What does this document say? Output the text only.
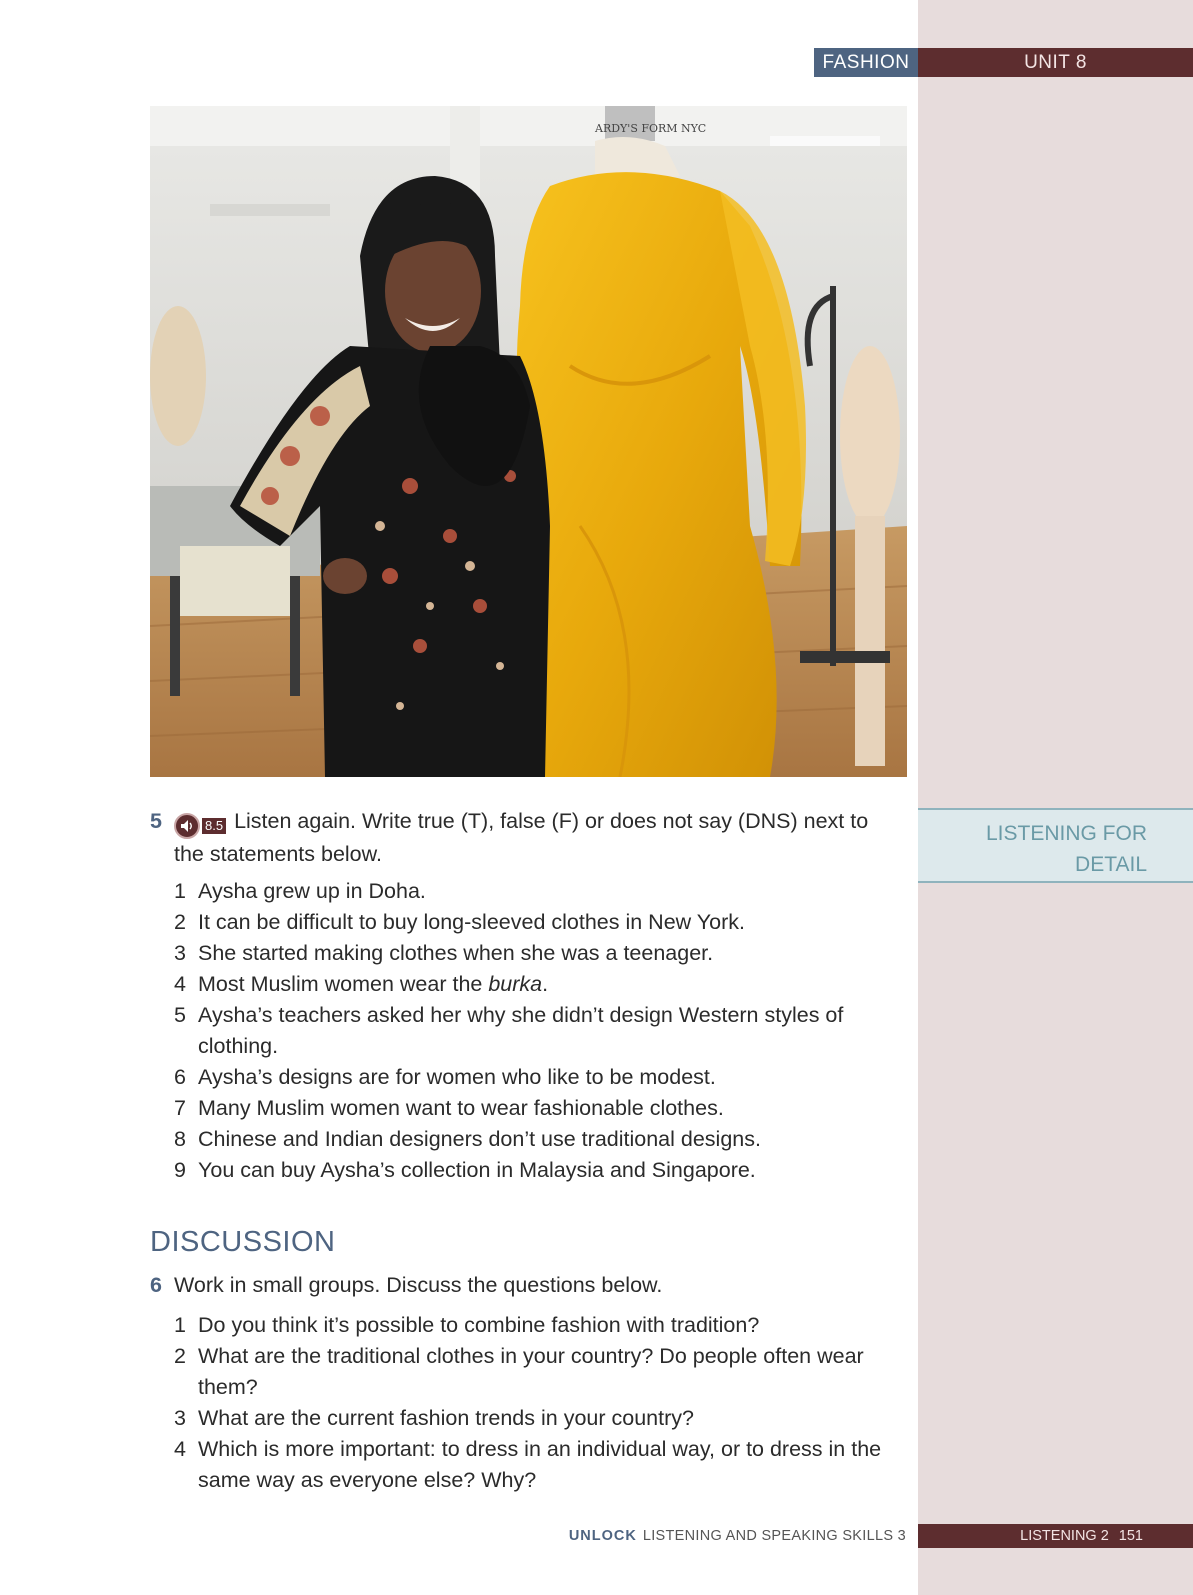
FASHION	UNIT 8
ARDY'S FORM NYC
5	8.5 Listen again. Write true (T), false (F) or does not say (DNS) next to the statements below.
1 Aysha grew up in Doha.
2 It can be difficult to buy long-sleeved clothes in New York.
3 She started making clothes when she was a teenager.
4 Most Muslim women wear the burka.
5 Aysha’s teachers asked her why she didn’t design Western styles of clothing.
6 Aysha’s designs are for women who like to be modest.
7 Many Muslim women want to wear fashionable clothes.
8 Chinese and Indian designers don’t use traditional designs.
9 You can buy Aysha’s collection in Malaysia and Singapore.
LISTENING FOR
DETAIL
DISCUSSION
6 Work in small groups. Discuss the questions below.
1 Do you think it’s possible to combine fashion with tradition?
2 What are the traditional clothes in your country? Do people often wear them?
3 What are the current fashion trends in your country?
4 Which is more important: to dress in an individual way, or to dress in the same way as everyone else? Why?
UNLOCK LISTENING AND SPEAKING SKILLS 3	LISTENING 2 151
